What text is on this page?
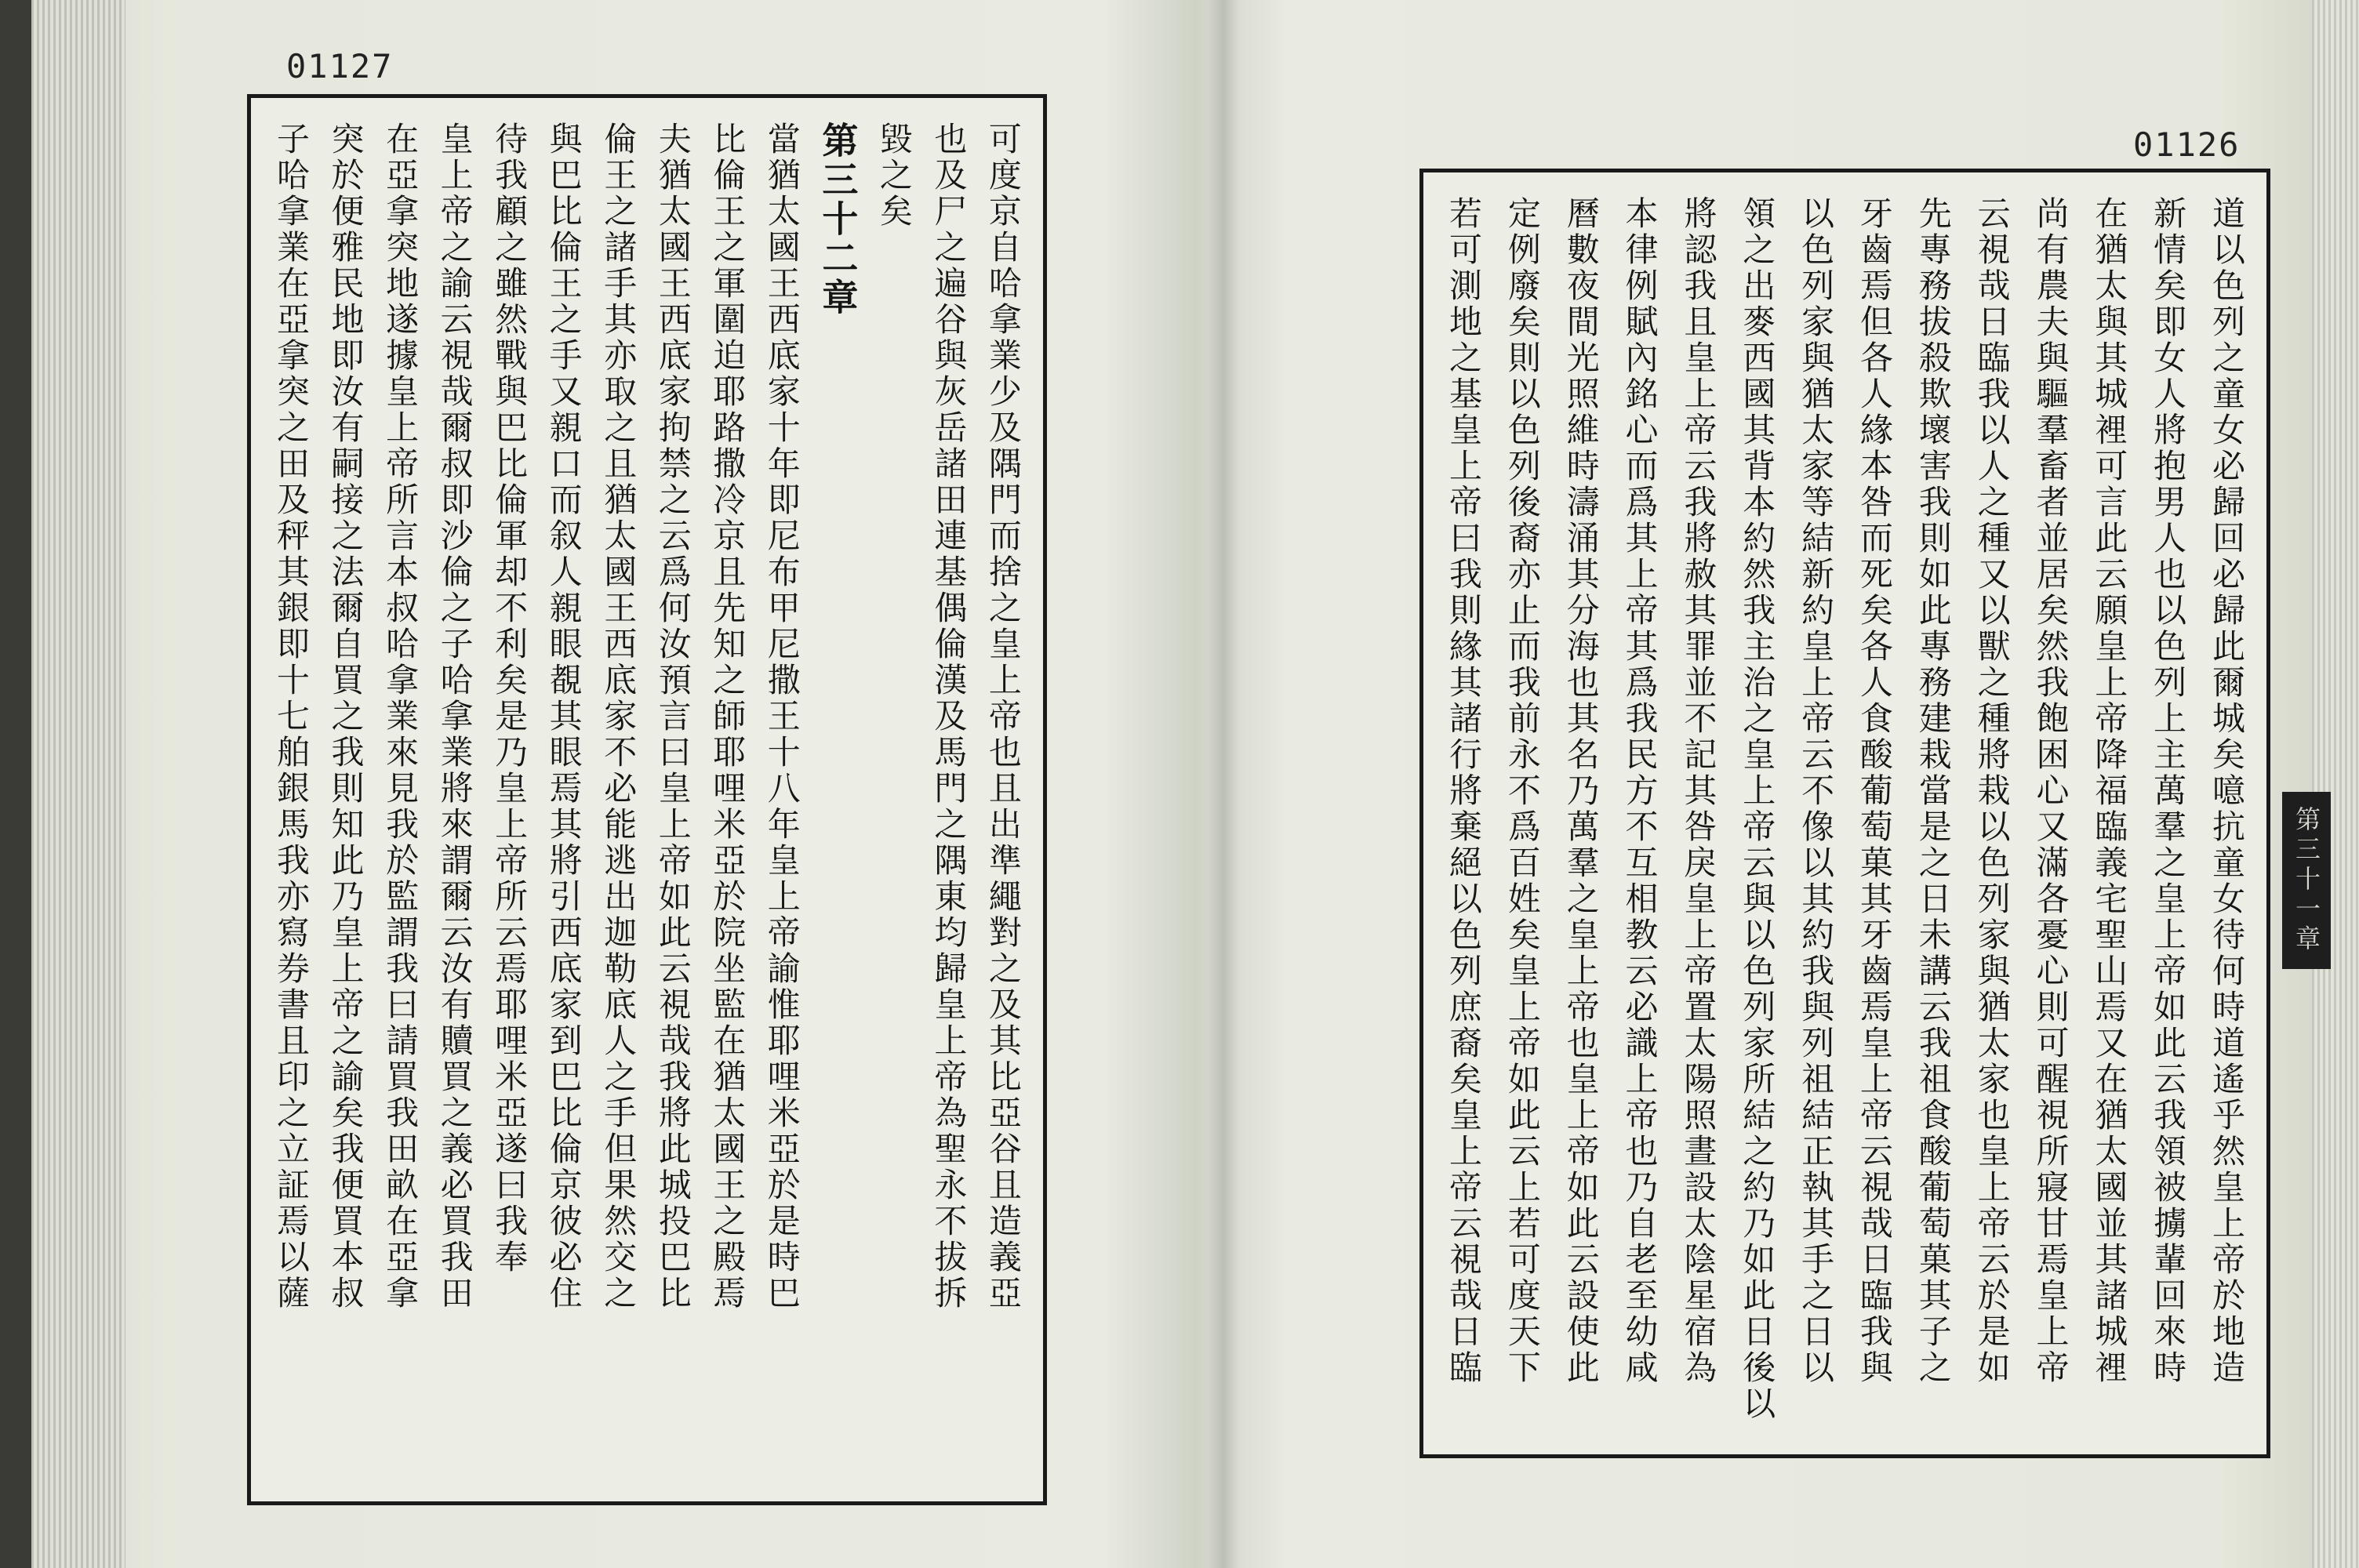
01127
可度京自哈拿業少及隅門而捨之皇上帝也且出準繩對之及其比亞谷且造義亞
也及尸之遍谷與灰岳諸田連基偶倫漢及馬門之隅東均歸皇上帝為聖永不拔拆
毀之矣
第三十二章
當猶太國王西底家十年即尼布甲尼撒王十八年皇上帝諭惟耶哩米亞於是時巴
比倫王之軍圍迫耶路撒冷京且先知之師耶哩米亞於院坐監在猶太國王之殿焉
夫猶太國王西底家拘禁之云爲何汝預言曰皇上帝如此云視哉我將此城投巴比
倫王之諸手其亦取之且猶太國王西底家不必能逃出迦勒底人之手但果然交之
與巴比倫王之手又親口而叙人親眼覩其眼焉其將引西底家到巴比倫京彼必住
待我顧之雖然戰與巴比倫軍却不利矣是乃皇上帝所云焉耶哩米亞遂曰我奉
皇上帝之諭云視哉爾叔即沙倫之子哈拿業將來謂爾云汝有贖買之義必買我田
在亞拿突地遂據皇上帝所言本叔哈拿業來見我於監謂我曰請買我田畝在亞拿
突於便雅民地即汝有嗣接之法爾自買之我則知此乃皇上帝之諭矣我便買本叔
子哈拿業在亞拿突之田及秤其銀即十七舶銀馬我亦寫券書且印之立証焉以薩	01126
道以色列之童女必歸回必歸此爾城矣噫抗童女待何時道遙乎然皇上帝於地造
新情矣即女人將抱男人也以色列上主萬羣之皇上帝如此云我領被擄輩回來時
在猶太與其城裡可言此云願皇上帝降福臨義宅聖山焉又在猶太國並其諸城裡
尚有農夫與驅羣畜者並居矣然我飽困心又滿各憂心則可醒視所寢甘焉皇上帝
云視哉日臨我以人之種又以獸之種將栽以色列家與猶太家也皇上帝云於是如
先專務拔殺欺壞害我則如此專務建栽當是之日未講云我祖食酸葡萄菓其子之
牙齒焉但各人緣本咎而死矣各人食酸葡萄菓其牙齒焉皇上帝云視哉日臨我與
以色列家與猶太家等結新約皇上帝云不像以其約我與列祖結正執其手之日以
領之出麥西國其背本約然我主治之皇上帝云與以色列家所結之約乃如此日後以
將認我且皇上帝云我將赦其罪並不記其咎戾皇上帝置太陽照晝設太陰星宿為
本律例賦內銘心而爲其上帝其爲我民方不互相教云必識上帝也乃自老至幼咸
曆數夜間光照維時濤涌其分海也其名乃萬羣之皇上帝也皇上帝如此云設使此
定例廢矣則以色列後裔亦止而我前永不爲百姓矣皇上帝如此云上若可度天下
若可測地之基皇上帝曰我則緣其諸行將棄絕以色列庶裔矣皇上帝云視哉日臨	第三十一章
